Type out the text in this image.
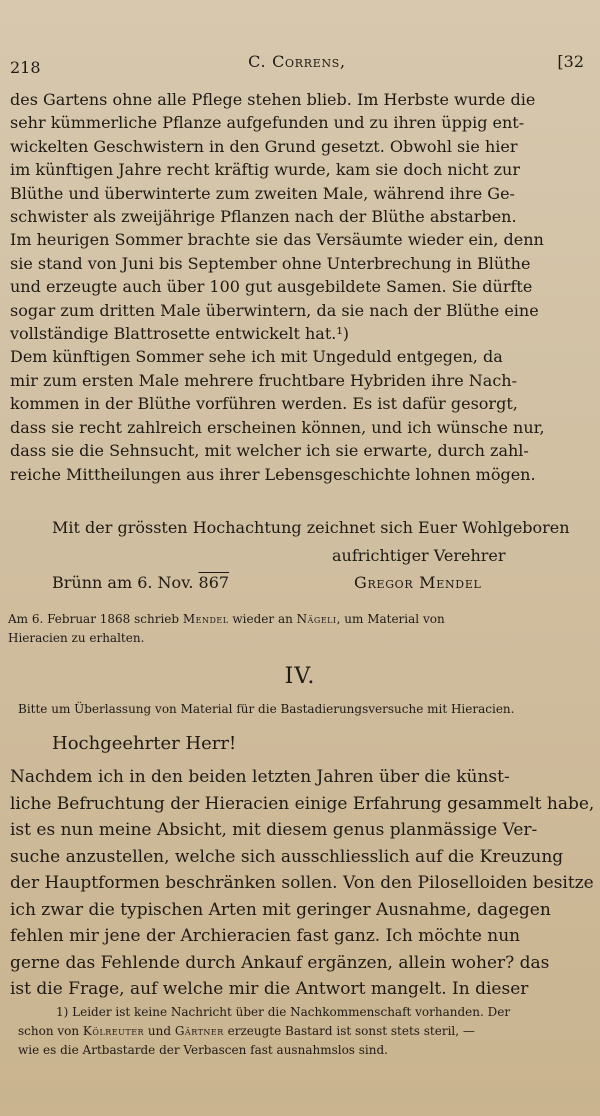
218	C. Correns,	[32
des Gartens ohne alle Pflege stehen blieb. Im Herbste wurde die
sehr kümmerliche Pflanze aufgefunden und zu ihren üppig ent-
wickelten Geschwistern in den Grund gesetzt. Obwohl sie hier
im künftigen Jahre recht kräftig wurde, kam sie doch nicht zur
Blüthe und überwinterte zum zweiten Male, während ihre Ge-
schwister als zweijährige Pflanzen nach der Blüthe abstarben.
Im heurigen Sommer brachte sie das Versäumte wieder ein, denn
sie stand von Juni bis September ohne Unterbrechung in Blüthe
und erzeugte auch über 100 gut ausgebildete Samen. Sie dürfte
sogar zum dritten Male überwintern, da sie nach der Blüthe eine
vollständige Blattrosette entwickelt hat.¹)
Dem künftigen Sommer sehe ich mit Ungeduld entgegen, da
mir zum ersten Male mehrere fruchtbare Hybriden ihre Nach-
kommen in der Blüthe vorführen werden. Es ist dafür gesorgt,
dass sie recht zahlreich erscheinen können, und ich wünsche nur,
dass sie die Sehnsucht, mit welcher ich sie erwarte, durch zahl-
reiche Mittheilungen aus ihrer Lebensgeschichte lohnen mögen.
Mit der grössten Hochachtung zeichnet sich Euer Wohlgeboren
aufrichtiger Verehrer
Brünn am 6. Nov. 867	Gregor Mendel
Am 6. Februar 1868 schrieb Mendel wieder an Nägeli, um Material von
Hieracien zu erhalten.
IV.
Bitte um Überlassung von Material für die Bastadierungsversuche mit Hieracien.
Hochgeehrter Herr!
Nachdem ich in den beiden letzten Jahren über die künst-
liche Befruchtung der Hieracien einige Erfahrung gesammelt habe,
ist es nun meine Absicht, mit diesem genus planmässige Ver-
suche anzustellen, welche sich ausschliesslich auf die Kreuzung
der Hauptformen beschränken sollen. Von den Piloselloiden besitze
ich zwar die typischen Arten mit geringer Ausnahme, dagegen
fehlen mir jene der Archieracien fast ganz. Ich möchte nun
gerne das Fehlende durch Ankauf ergänzen, allein woher? das
ist die Frage, auf welche mir die Antwort mangelt. In dieser
1) Leider ist keine Nachricht über die Nachkommenschaft vorhanden. Der
schon von Kölreuter und Gärtner erzeugte Bastard ist sonst stets steril, —
wie es die Artbastarde der Verbascen fast ausnahmslos sind.
